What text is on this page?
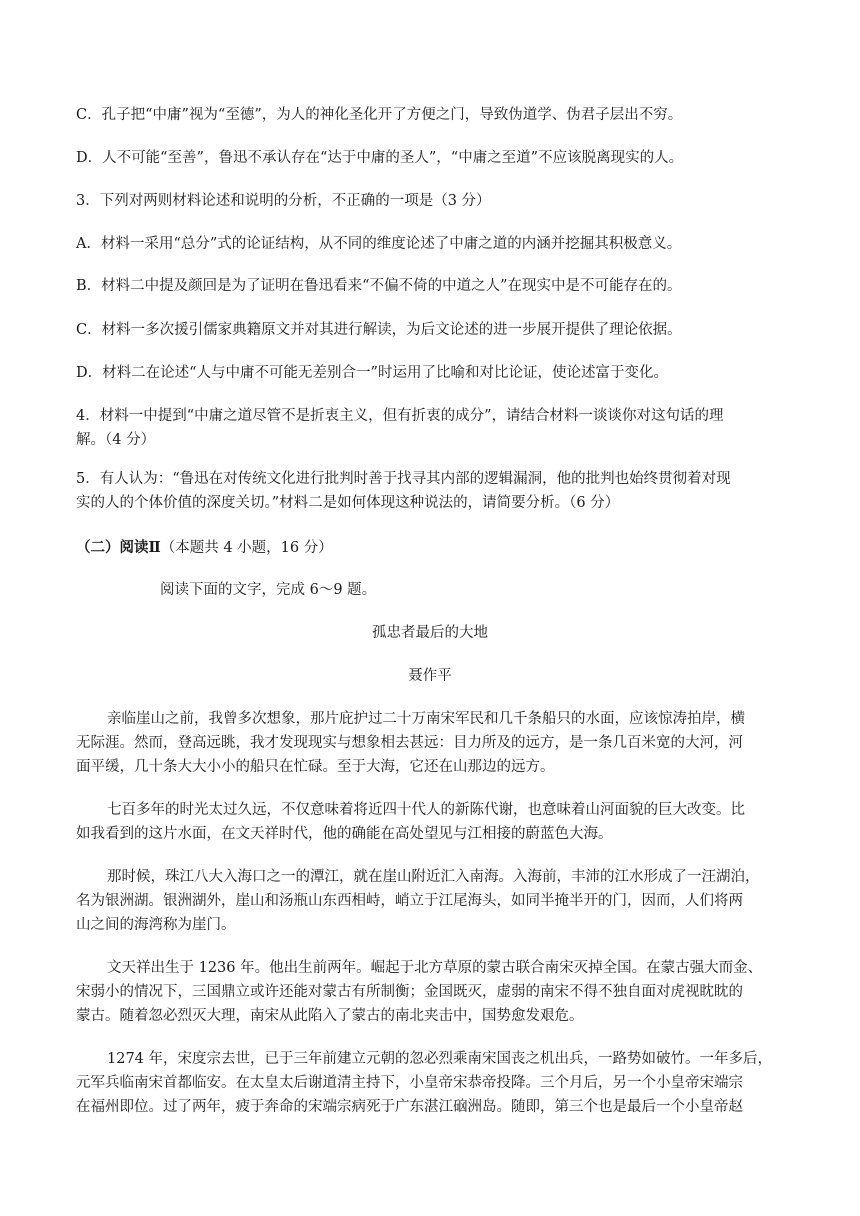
C．孔子把“中庸”视为“至德”，为人的神化圣化开了方便之门，导致伪道学、伪君子层出不穷。
D．人不可能“至善”，鲁迅不承认存在“达于中庸的圣人”，“中庸之至道”不应该脱离现实的人。
3．下列对两则材料论述和说明的分析，不正确的一项是（3 分）
A．材料一采用“总分”式的论证结构，从不同的维度论述了中庸之道的内涵并挖掘其积极意义。
B．材料二中提及颜回是为了证明在鲁迅看来“不偏不倚的中道之人”在现实中是不可能存在的。
C．材料一多次援引儒家典籍原文并对其进行解读，为后文论述的进一步展开提供了理论依据。
D．材料二在论述“人与中庸不可能无差别合一”时运用了比喻和对比论证，使论述富于变化。
4．材料一中提到“中庸之道尽管不是折衷主义，但有折衷的成分”，请结合材料一谈谈你对这句话的理
解。（4 分）
5．有人认为：“鲁迅在对传统文化进行批判时善于找寻其内部的逻辑漏洞，他的批判也始终贯彻着对现
实的人的个体价值的深度关切。”材料二是如何体现这种说法的，请简要分析。（6 分）
（二）阅读Ⅱ（本题共 4 小题，16 分）
阅读下面的文字，完成 6～9 题。
孤忠者最后的大地
聂作平
亲临崖山之前，我曾多次想象，那片庇护过二十万南宋军民和几千条船只的水面，应该惊涛拍岸，横
无际涯。然而，登高远眺，我才发现现实与想象相去甚远：目力所及的远方，是一条几百米宽的大河，河
面平缓，几十条大大小小的船只在忙碌。至于大海，它还在山那边的远方。
七百多年的时光太过久远，不仅意味着将近四十代人的新陈代谢，也意味着山河面貌的巨大改变。比
如我看到的这片水面，在文天祥时代，他的确能在高处望见与江相接的蔚蓝色大海。
那时候，珠江八大入海口之一的潭江，就在崖山附近汇入南海。入海前，丰沛的江水形成了一汪湖泊，
名为银洲湖。银洲湖外，崖山和汤瓶山东西相峙，峭立于江尾海头，如同半掩半开的门，因而，人们将两
山之间的海湾称为崖门。
文天祥出生于 1236 年。他出生前两年。崛起于北方草原的蒙古联合南宋灭掉全国。在蒙古强大而金、
宋弱小的情况下，三国鼎立或许还能对蒙古有所制衡；金国既灭，虚弱的南宋不得不独自面对虎视眈眈的
蒙古。随着忽必烈灭大理，南宋从此陷入了蒙古的南北夹击中，国势愈发艰危。
1274 年，宋度宗去世，已于三年前建立元朝的忽必烈乘南宋国丧之机出兵，一路势如破竹。一年多后，
元军兵临南宋首都临安。在太皇太后谢道清主持下，小皇帝宋恭帝投降。三个月后，另一个小皇帝宋端宗
在福州即位。过了两年，疲于奔命的宋端宗病死于广东湛江硇洲岛。随即，第三个也是最后一个小皇帝赵
